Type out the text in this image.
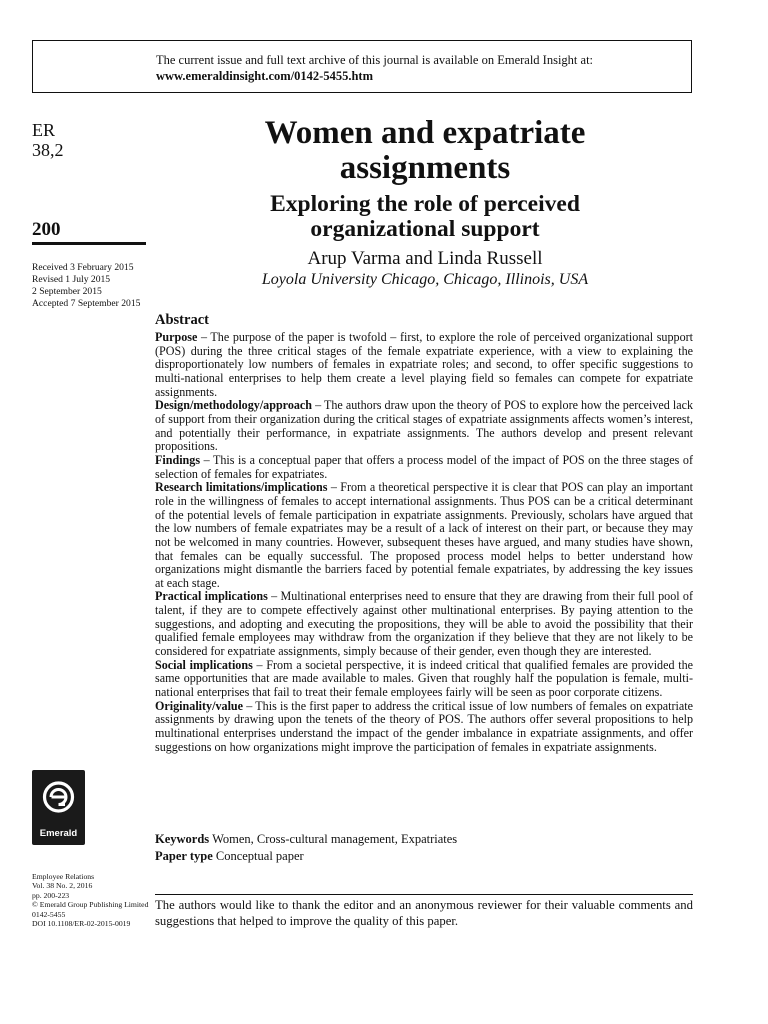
The current issue and full text archive of this journal is available on Emerald Insight at:
www.emeraldinsight.com/0142-5455.htm
ER
38,2
200
Received 3 February 2015
Revised 1 July 2015
2 September 2015
Accepted 7 September 2015
Women and expatriate assignments
Exploring the role of perceived organizational support
Arup Varma and Linda Russell
Loyola University Chicago, Chicago, Illinois, USA
Abstract

Purpose – The purpose of the paper is twofold – first, to explore the role of perceived organizational support (POS) during the three critical stages of the female expatriate experience, with a view to explaining the disproportionately low numbers of females in expatriate roles; and second, to offer specific suggestions to multi-national enterprises to help them create a level playing field so females can compete for expatriate assignments.

Design/methodology/approach – The authors draw upon the theory of POS to explore how the perceived lack of support from their organization during the critical stages of expatriate assignments affects women’s interest, and potentially their performance, in expatriate assignments. The authors develop and present relevant propositions.

Findings – This is a conceptual paper that offers a process model of the impact of POS on the three stages of selection of females for expatriates.

Research limitations/implications – From a theoretical perspective it is clear that POS can play an important role in the willingness of females to accept international assignments. Thus POS can be a critical determinant of the potential levels of female participation in expatriate assignments. Previously, scholars have argued that the low numbers of female expatriates may be a result of a lack of interest on their part, or because they may not be welcomed in many countries. However, subsequent theses have argued, and many studies have shown, that females can be equally successful. The proposed process model helps to better understand how organizations might dismantle the barriers faced by potential female expatriates, by addressing the key issues at each stage.

Practical implications – Multinational enterprises need to ensure that they are drawing from their full pool of talent, if they are to compete effectively against other multinational enterprises. By paying attention to the suggestions, and adopting and executing the propositions, they will be able to avoid the possibility that their qualified female employees may withdraw from the organization if they believe that they are not likely to be considered for expatriate assignments, simply because of their gender, even though they are interested.

Social implications – From a societal perspective, it is indeed critical that qualified females are provided the same opportunities that are made available to males. Given that roughly half the population is female, multi-national enterprises that fail to treat their female employees fairly will be seen as poor corporate citizens.

Originality/value – This is the first paper to address the critical issue of low numbers of females on expatriate assignments by drawing upon the tenets of the theory of POS. The authors offer several propositions to help multinational enterprises understand the impact of the gender imbalance in expatriate assignments, and offer suggestions on how organizations might improve the participation of females in expatriate assignments.

Keywords Women, Cross-cultural management, Expatriates
Paper type Conceptual paper
Emerald
Employee Relations
Vol. 38 No. 2, 2016
pp. 200-223
© Emerald Group Publishing Limited
0142-5455
DOI 10.1108/ER-02-2015-0019
The authors would like to thank the editor and an anonymous reviewer for their valuable comments and suggestions that helped to improve the quality of this paper.
